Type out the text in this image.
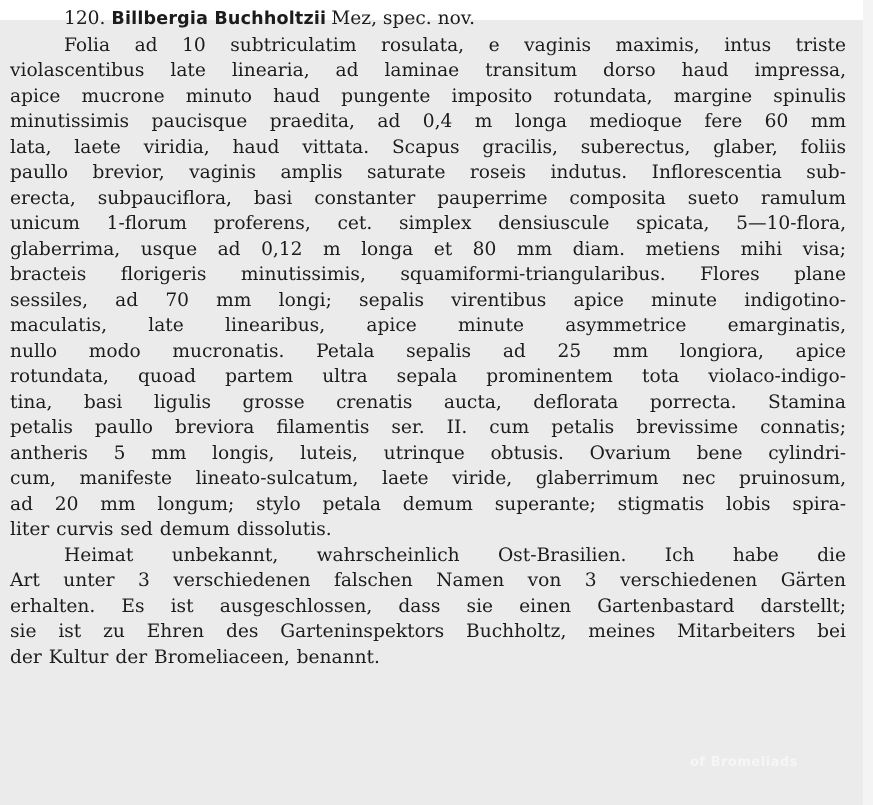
120. Billbergia Buchholtzii Mez, spec. nov.
Folia ad 10 subtriculatim rosulata, e vaginis maximis, intus triste
violascentibus late linearia, ad laminae transitum dorso haud impressa,
apice mucrone minuto haud pungente imposito rotundata, margine spinulis
minutissimis paucisque praedita, ad 0,4 m longa medioque fere 60 mm
lata, laete viridia, haud vittata. Scapus gracilis, suberectus, glaber, foliis
paullo brevior, vaginis amplis saturate roseis indutus. Inflorescentia sub-
erecta, subpauciflora, basi constanter pauperrime composita sueto ramulum
unicum 1-florum proferens, cet. simplex densiuscule spicata, 5—10-flora,
glaberrima, usque ad 0,12 m longa et 80 mm diam. metiens mihi visa;
bracteis florigeris minutissimis, squamiformi-triangularibus. Flores plane
sessiles, ad 70 mm longi; sepalis virentibus apice minute indigotino-
maculatis, late linearibus, apice minute asymmetrice emarginatis,
nullo modo mucronatis. Petala sepalis ad 25 mm longiora, apice
rotundata, quoad partem ultra sepala prominentem tota violaco-indigo-
tina, basi ligulis grosse crenatis aucta, deflorata porrecta. Stamina
petalis paullo breviora filamentis ser. II. cum petalis brevissime connatis;
antheris 5 mm longis, luteis, utrinque obtusis. Ovarium bene cylindri-
cum, manifeste lineato-sulcatum, laete viride, glaberrimum nec pruinosum,
ad 20 mm longum; stylo petala demum superante; stigmatis lobis spira-
liter curvis sed demum dissolutis.
Heimat unbekannt, wahrscheinlich Ost-Brasilien. Ich habe die
Art unter 3 verschiedenen falschen Namen von 3 verschiedenen Gärten
erhalten. Es ist ausgeschlossen, dass sie einen Gartenbastard darstellt;
sie ist zu Ehren des Garteninspektors Buchholtz, meines Mitarbeiters bei
der Kultur der Bromeliaceen, benannt.
of Bromeliads
